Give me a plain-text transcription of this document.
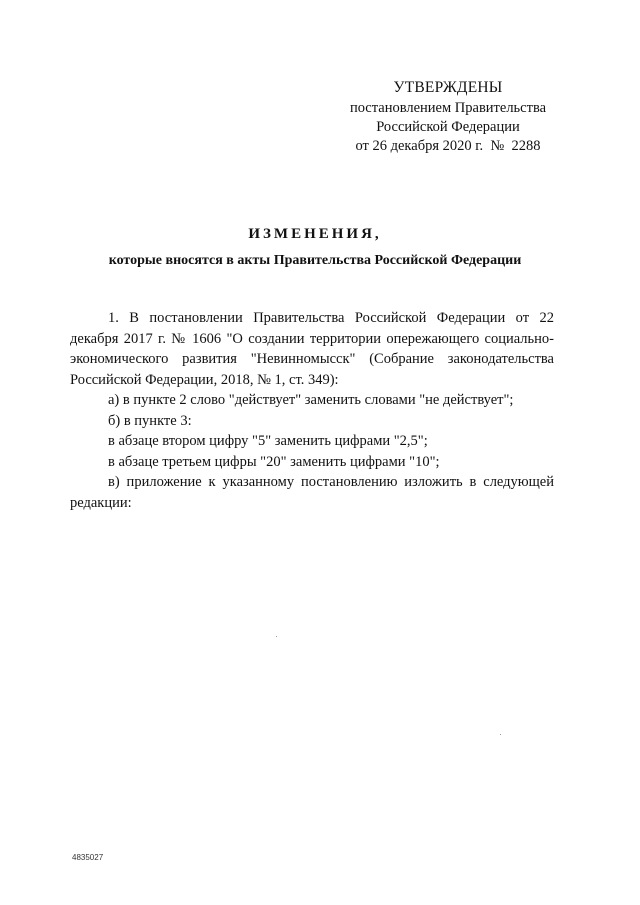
УТВЕРЖДЕНЫ
постановлением Правительства
Российской Федерации
от 26 декабря 2020 г.  №  2288
ИЗМЕНЕНИЯ,
которые вносятся в акты Правительства Российской Федерации

1. В постановлении Правительства Российской Федерации от 22 декабря 2017 г. № 1606 "О создании территории опережающего социально-экономического развития "Невинномысск" (Собрание законодательства Российской Федерации, 2018, № 1, ст. 349):

а) в пункте 2 слово "действует" заменить словами "не действует";

б) в пункте 3:

в абзаце втором цифру "5" заменить цифрами "2,5";

в абзаце третьем цифры "20" заменить цифрами "10";

в) приложение к указанному постановлению изложить в следующей редакции:

4835027
